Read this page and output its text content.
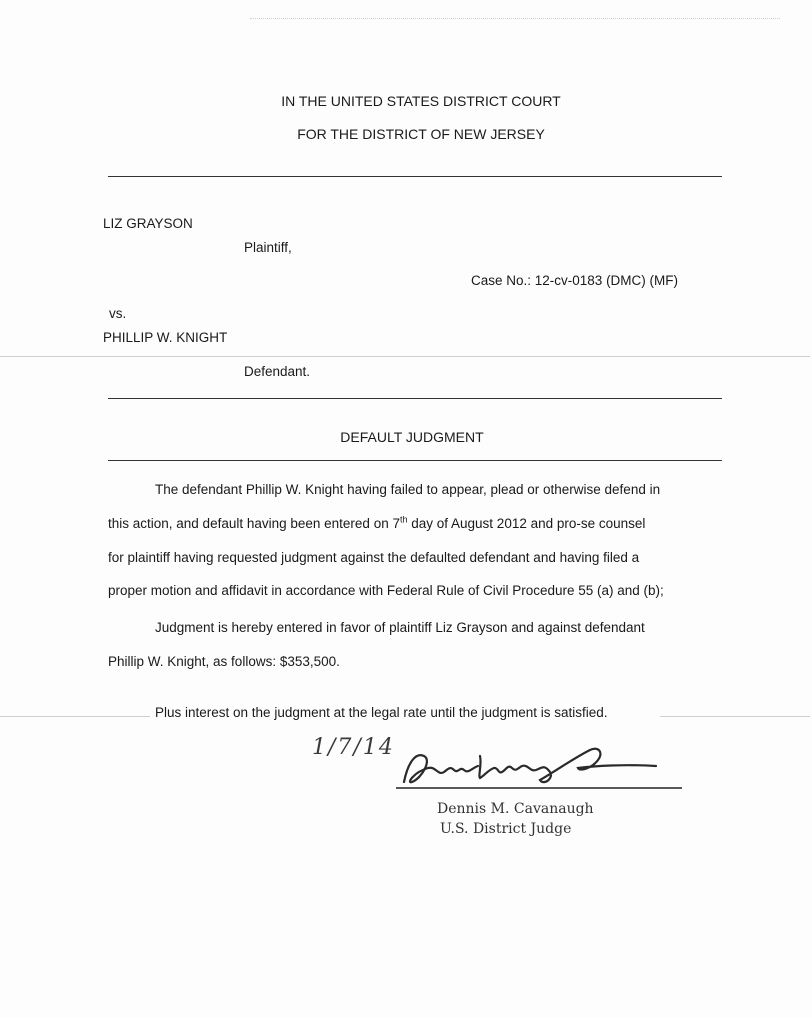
IN THE UNITED STATES DISTRICT COURT
FOR THE DISTRICT OF NEW JERSEY
LIZ GRAYSON
Plaintiff,
Case No.: 12-cv-0183 (DMC) (MF)
vs.
PHILLIP W. KNIGHT
Defendant.
DEFAULT JUDGMENT
The defendant Phillip W. Knight having failed to appear, plead or otherwise defend in
this action, and default having been entered on 7th day of August 2012 and pro-se counsel
for plaintiff having requested judgment against the defaulted defendant and having filed a
proper motion and affidavit in accordance with Federal Rule of Civil Procedure 55 (a) and (b);
Judgment is hereby entered in favor of plaintiff Liz Grayson and against defendant
Phillip W. Knight, as follows: $353,500.
Plus interest on the judgment at the legal rate until the judgment is satisfied.
1/7/14
Dennis M. Cavanaugh
U.S. District Judge
